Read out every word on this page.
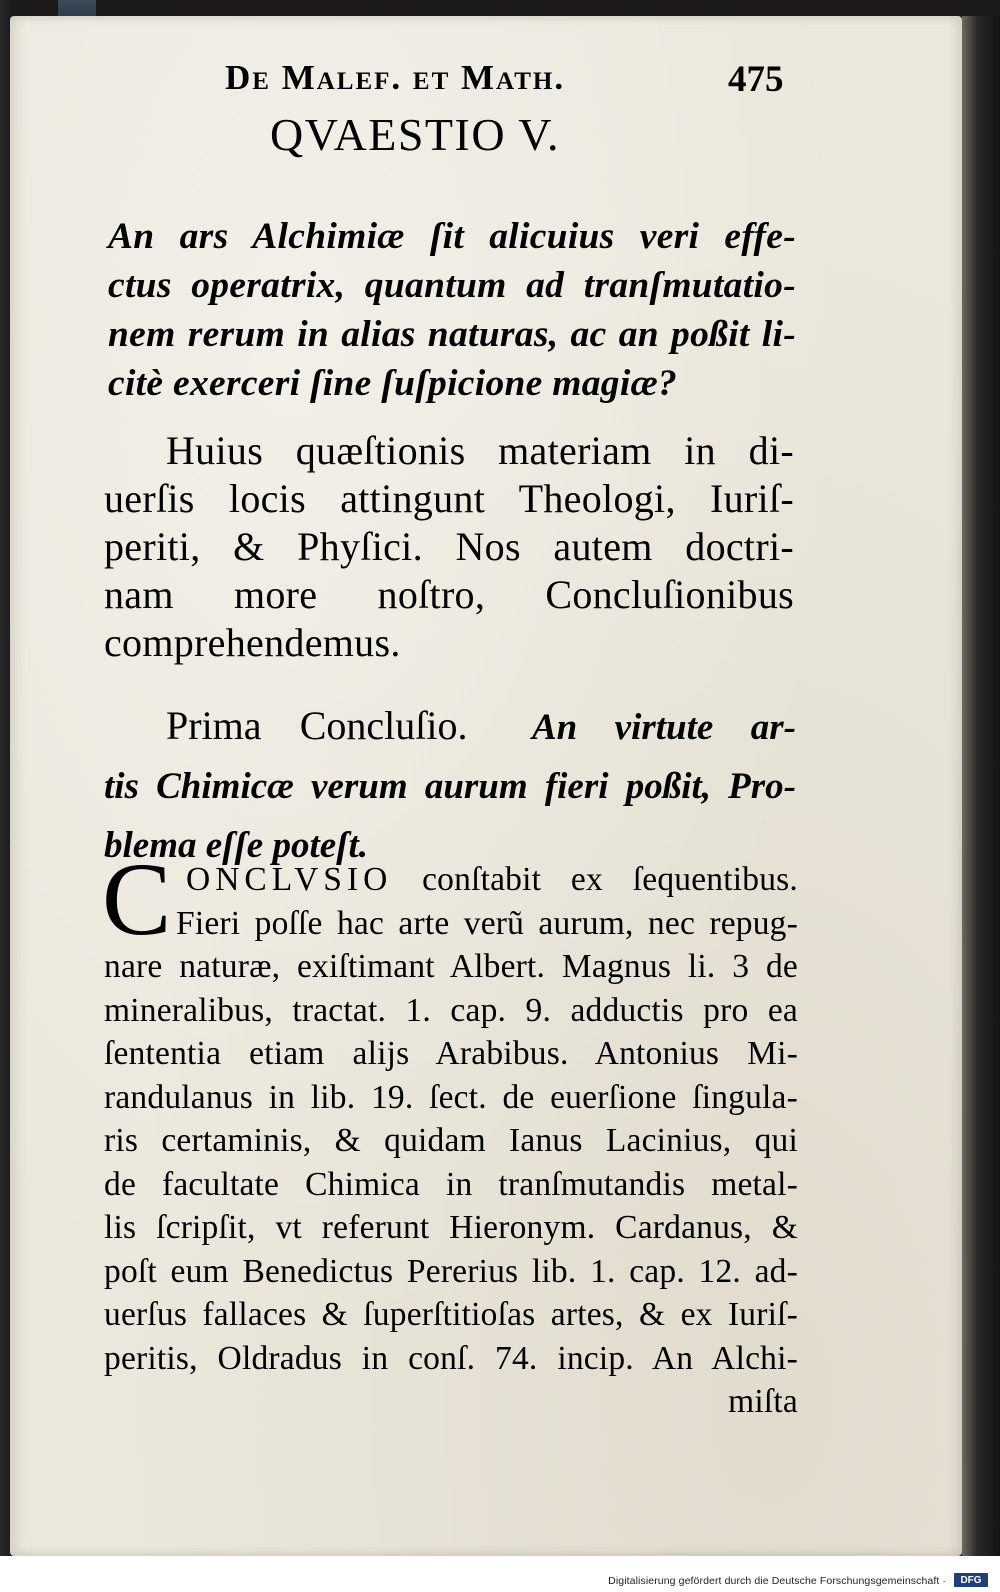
De Malef. et Math.	475
QVAESTIO V.
An ars Alchimiæ ſit alicuius veri effe-
ctus operatrix, quantum ad tranſmutatio-
nem rerum in alias naturas, ac an poßit li-
citè exerceri ſine ſuſpicione magiæ?
Huius quæſtionis materiam in di-
uerſis locis attingunt Theologi, Iuriſ-
periti, & Phyſici. Nos autem doctri-
nam more noſtro, Concluſionibus
comprehendemus.
Prima Concluſio. An virtute ar-
tis Chimicæ verum aurum fieri poßit, Pro-
blema eſſe poteſt.
C ONCLVSIO conſtabit ex ſequentibus.
Fieri poſſe hac arte verũ aurum, nec repug-
nare naturæ, exiſtimant Albert. Magnus li. 3 de
mineralibus, tractat. 1. cap. 9. adductis pro ea
ſententia etiam alijs Arabibus. Antonius Mi-
randulanus in lib. 19. ſect. de euerſione ſingula-
ris certaminis, & quidam Ianus Lacinius, qui
de facultate Chimica in tranſmutandis metal-
lis ſcripſit, vt referunt Hieronym. Cardanus, &
poſt eum Benedictus Pererius lib. 1. cap. 12. ad-
uerſus fallaces & ſuperſtitioſas artes, & ex Iuriſ-
peritis, Oldradus in conſ. 74. incip. An Alchi-
miſta
Digitalisierung gefördert durch die Deutsche Forschungsgemeinschaft ·	DFG
